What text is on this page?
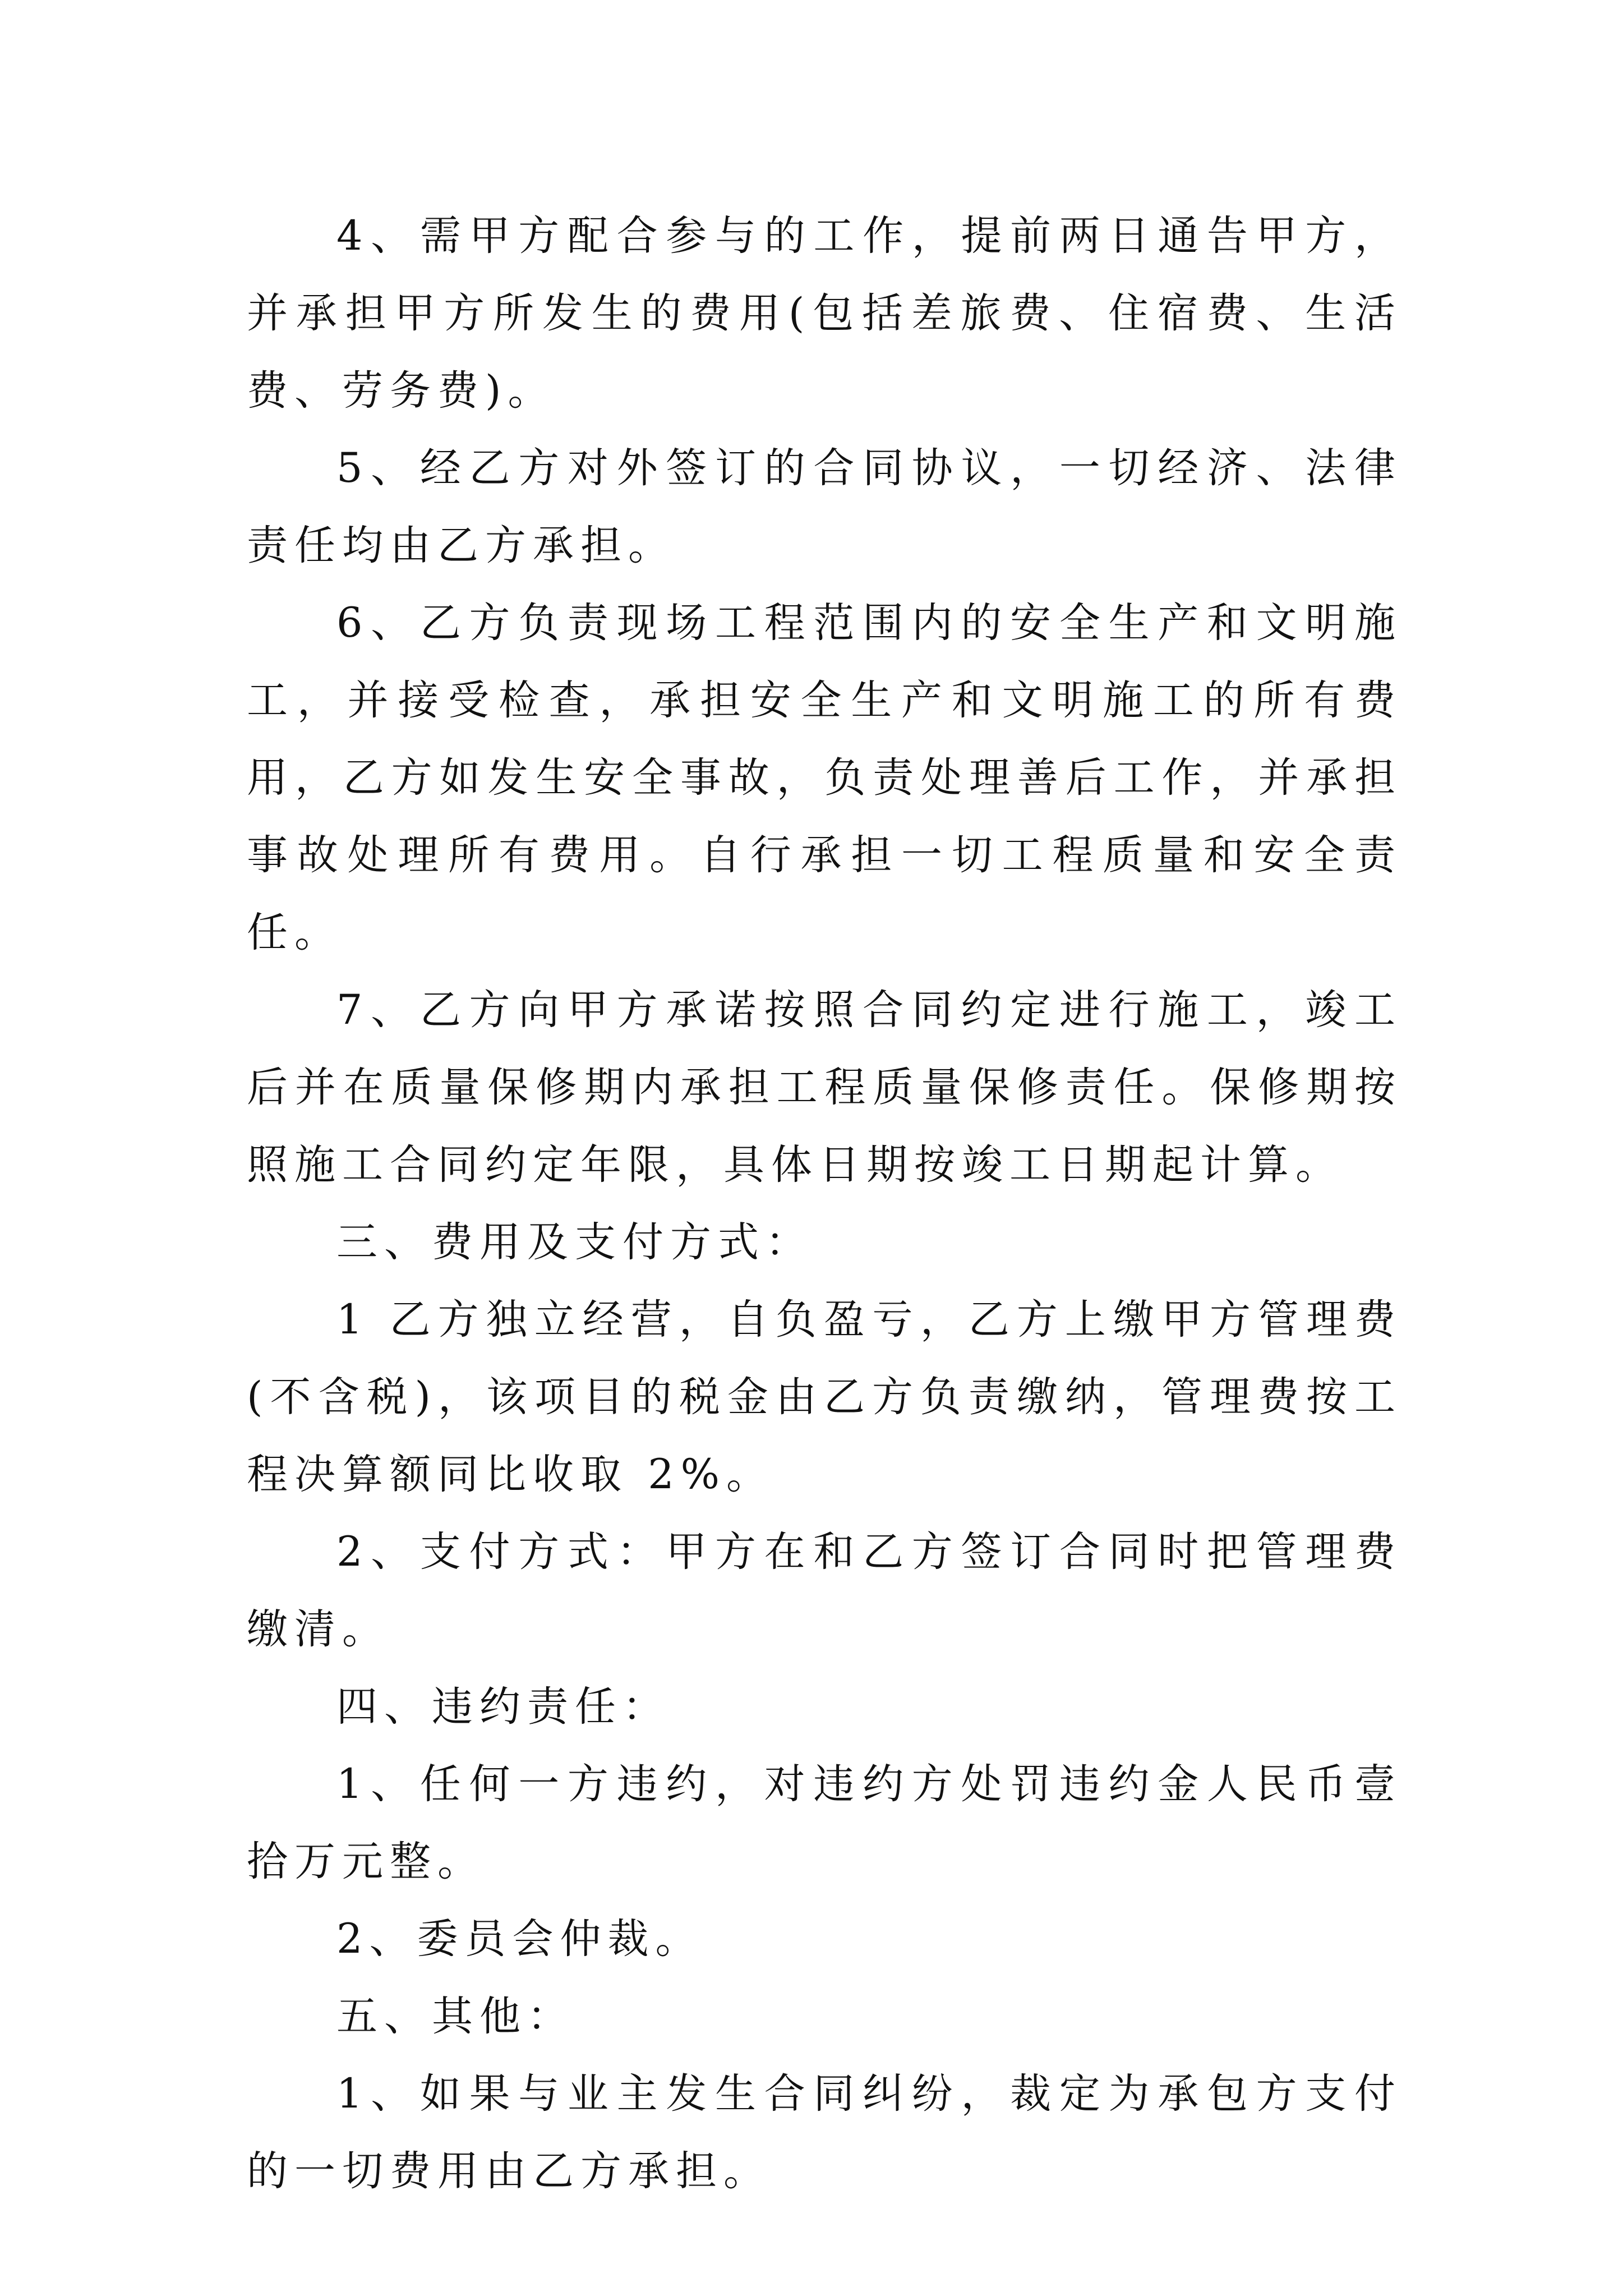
4、需甲方配合参与的工作，提前两日通告甲方，并承担甲方所发生的费用(包括差旅费、住宿费、生活费、劳务费)。

5、经乙方对外签订的合同协议，一切经济、法律责任均由乙方承担。

6、乙方负责现场工程范围内的安全生产和文明施工，并接受检查，承担安全生产和文明施工的所有费用，乙方如发生安全事故，负责处理善后工作，并承担事故处理所有费用。自行承担一切工程质量和安全责任。

7、乙方向甲方承诺按照合同约定进行施工，竣工后并在质量保修期内承担工程质量保修责任。保修期按照施工合同约定年限，具体日期按竣工日期起计算。

三、费用及支付方式：

1 乙方独立经营，自负盈亏，乙方上缴甲方管理费(不含税)，该项目的税金由乙方负责缴纳，管理费按工程决算额同比收取 2%。

2、支付方式：甲方在和乙方签订合同时把管理费缴清。

四、违约责任：

1、任何一方违约，对违约方处罚违约金人民币壹拾万元整。

2、委员会仲裁。

五、其他：

1、如果与业主发生合同纠纷，裁定为承包方支付的一切费用由乙方承担。
